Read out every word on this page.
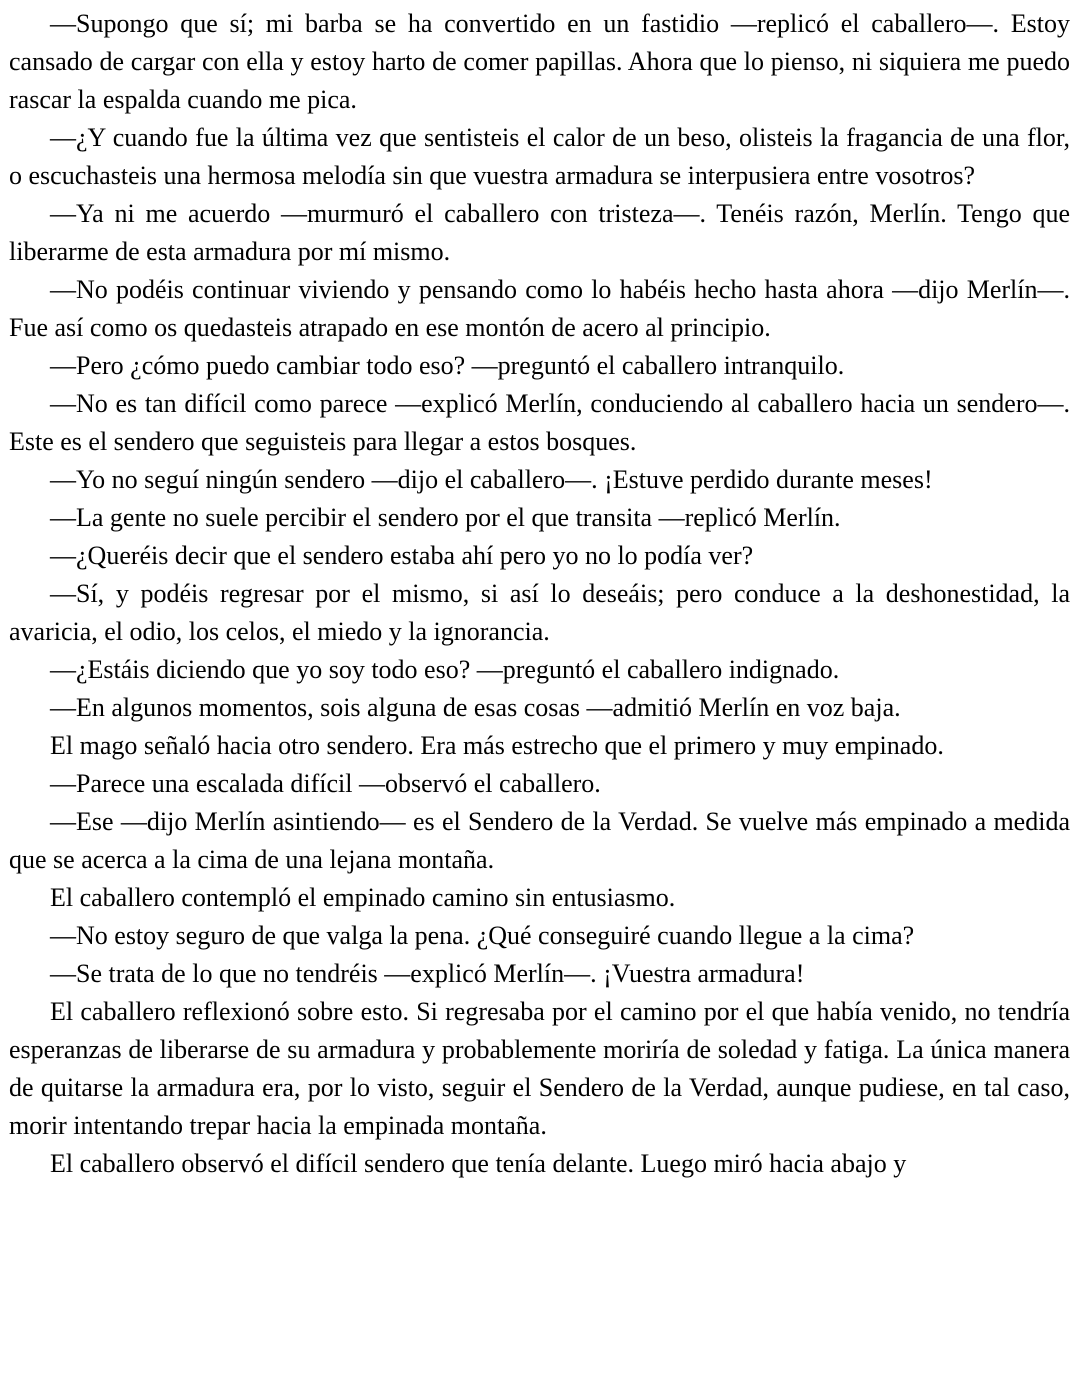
—Supongo que sí; mi barba se ha convertido en un fastidio —replicó el caballero—. Estoy cansado de cargar con ella y estoy harto de comer papillas. Ahora que lo pienso, ni siquiera me puedo rascar la espalda cuando me pica.

—¿Y cuando fue la última vez que sentisteis el calor de un beso, olisteis la fragancia de una flor, o escuchasteis una hermosa melodía sin que vuestra armadura se interpusiera entre vosotros?

—Ya ni me acuerdo —murmuró el caballero con tristeza—. Tenéis razón, Merlín. Tengo que liberarme de esta armadura por mí mismo.

—No podéis continuar viviendo y pensando como lo habéis hecho hasta ahora —dijo Merlín—. Fue así como os quedasteis atrapado en ese montón de acero al principio.

—Pero ¿cómo puedo cambiar todo eso? —preguntó el caballero intranquilo.

—No es tan difícil como parece —explicó Merlín, conduciendo al caballero hacia un sendero—. Este es el sendero que seguisteis para llegar a estos bosques.

—Yo no seguí ningún sendero —dijo el caballero—. ¡Estuve perdido durante meses!

—La gente no suele percibir el sendero por el que transita —replicó Merlín.

—¿Queréis decir que el sendero estaba ahí pero yo no lo podía ver?

—Sí, y podéis regresar por el mismo, si así lo deseáis; pero conduce a la deshonestidad, la avaricia, el odio, los celos, el miedo y la ignorancia.

—¿Estáis diciendo que yo soy todo eso? —preguntó el caballero indignado.

—En algunos momentos, sois alguna de esas cosas —admitió Merlín en voz baja.

El mago señaló hacia otro sendero. Era más estrecho que el primero y muy empinado.

—Parece una escalada difícil —observó el caballero.

—Ese —dijo Merlín asintiendo— es el Sendero de la Verdad. Se vuelve más empinado a medida que se acerca a la cima de una lejana montaña.

El caballero contempló el empinado camino sin entusiasmo.

—No estoy seguro de que valga la pena. ¿Qué conseguiré cuando llegue a la cima?

—Se trata de lo que no tendréis —explicó Merlín—. ¡Vuestra armadura!

El caballero reflexionó sobre esto. Si regresaba por el camino por el que había venido, no tendría esperanzas de liberarse de su armadura y probablemente moriría de soledad y fatiga. La única manera de quitarse la armadura era, por lo visto, seguir el Sendero de la Verdad, aunque pudiese, en tal caso, morir intentando trepar hacia la empinada montaña.

El caballero observó el difícil sendero que tenía delante. Luego miró hacia abajo y
